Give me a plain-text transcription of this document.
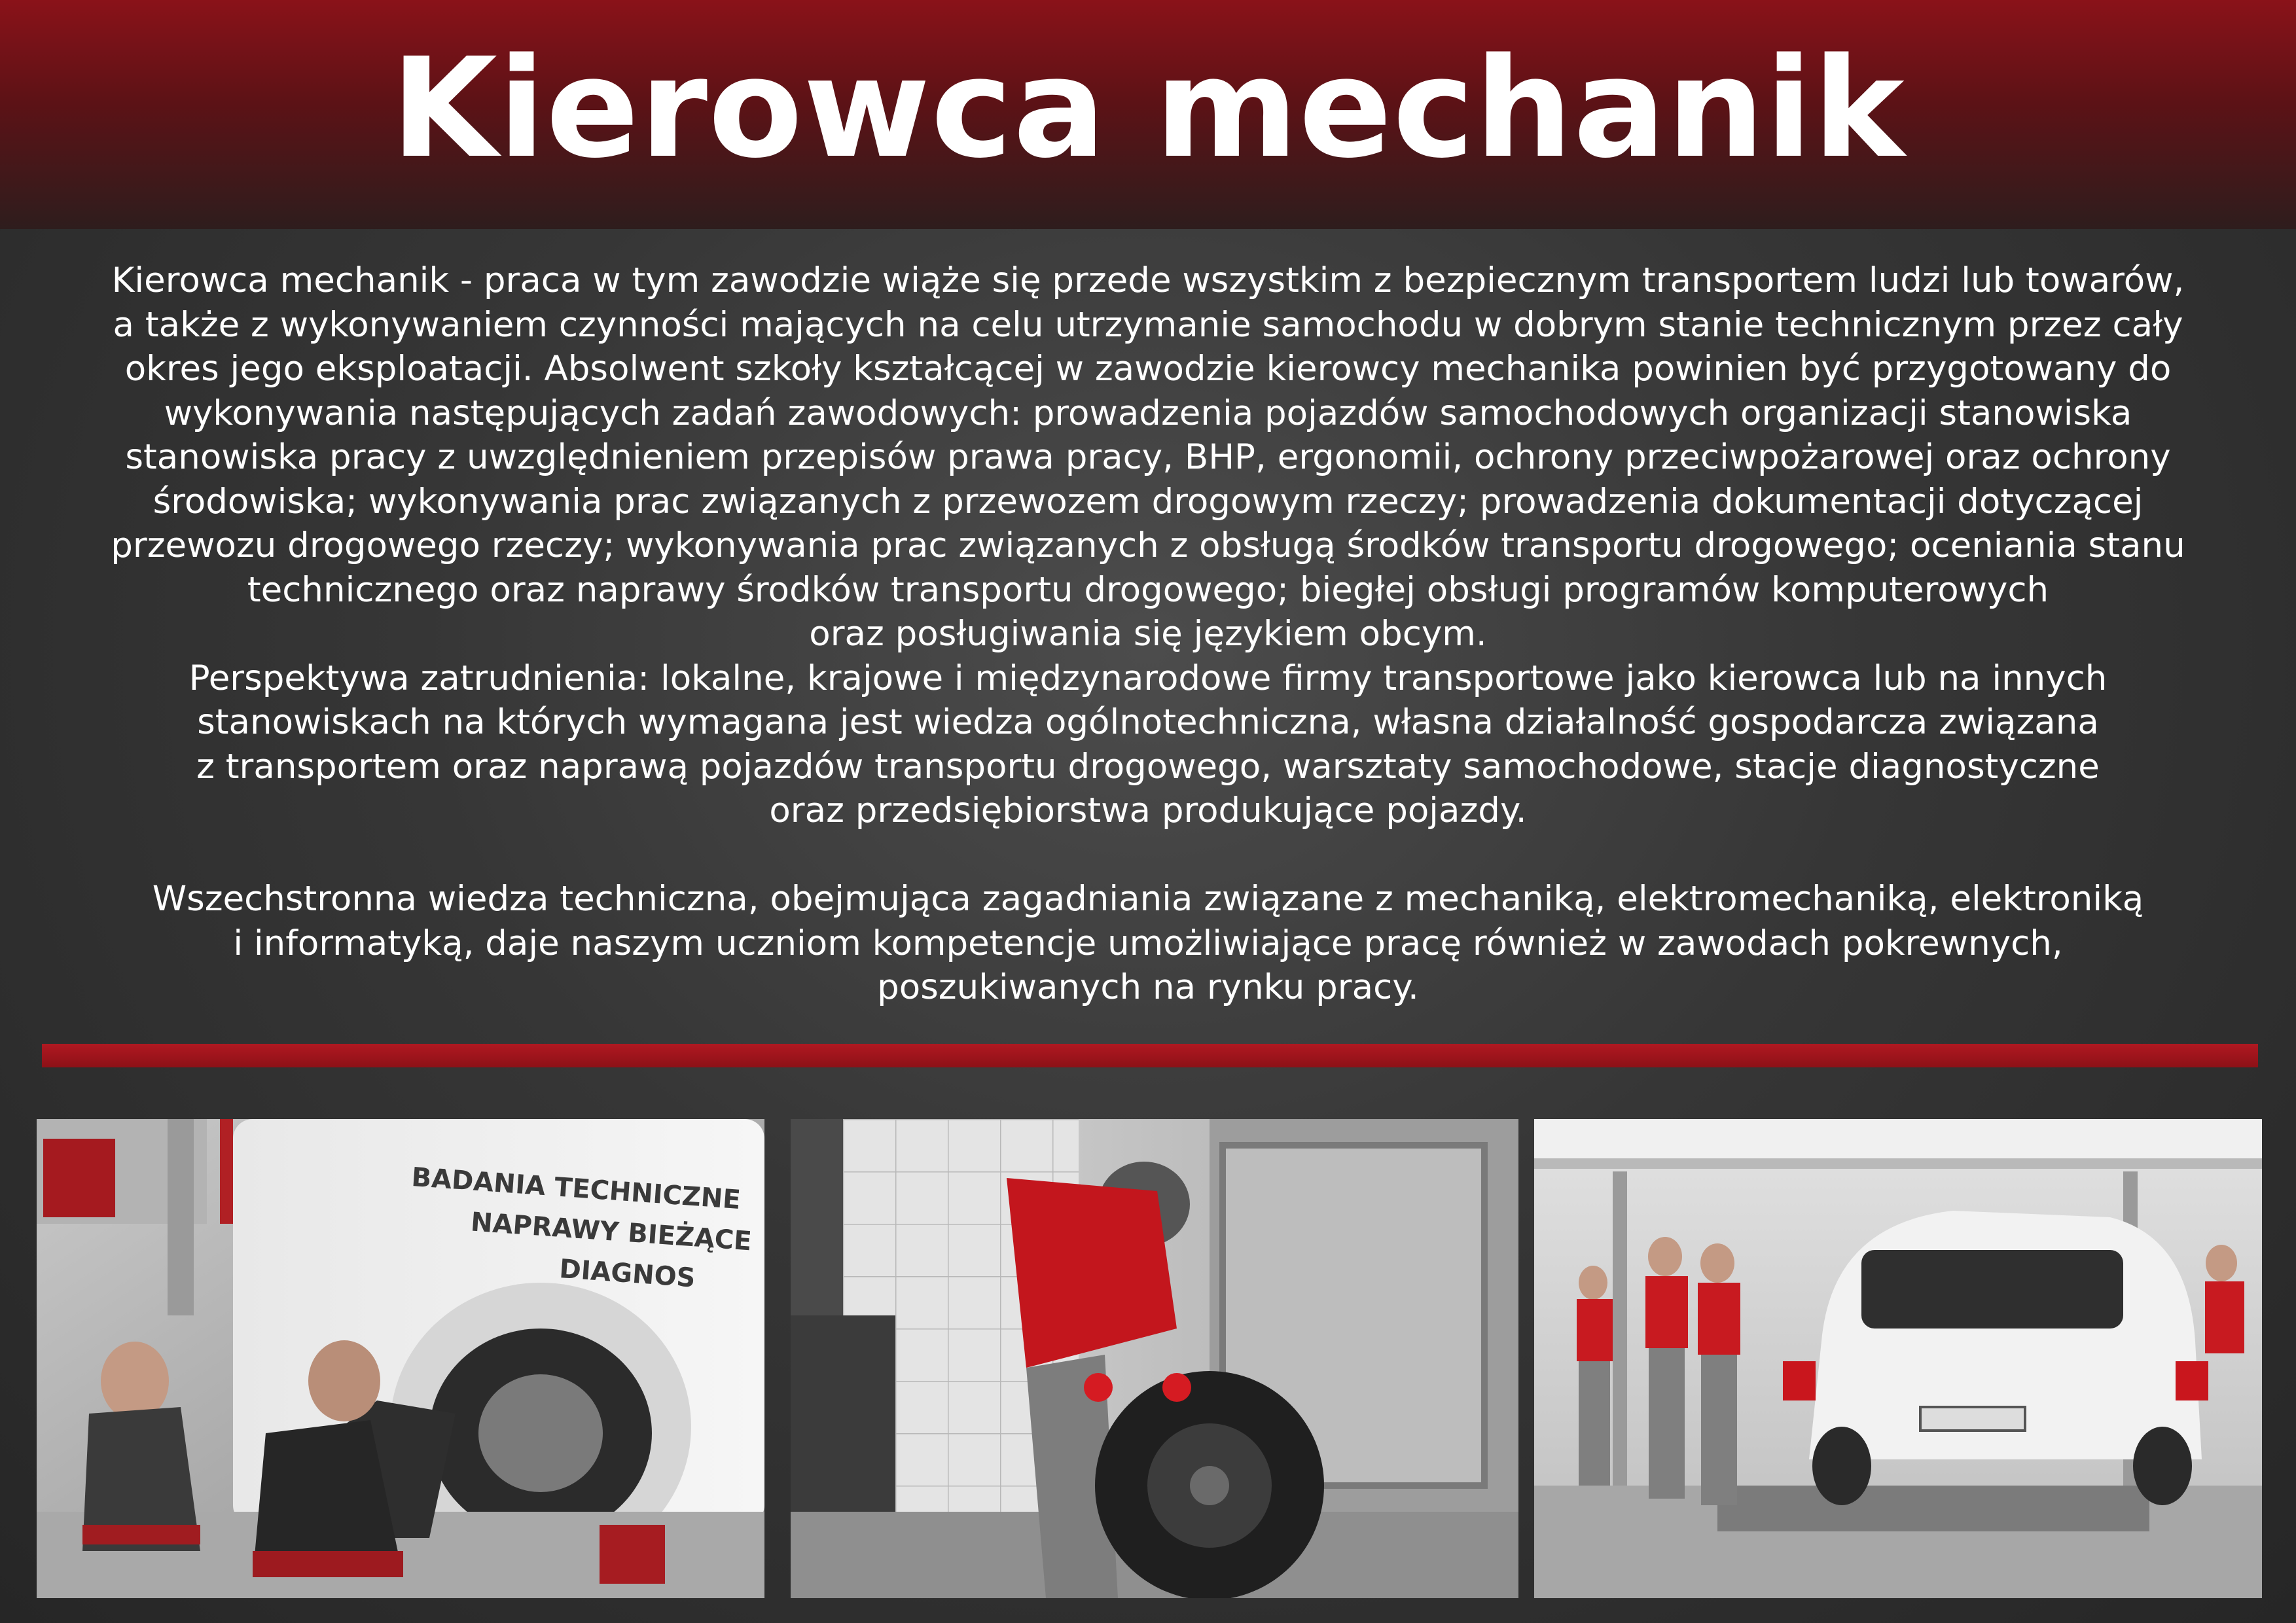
Kierowca mechanik
Kierowca mechanik - praca w tym zawodzie wiąże się przede wszystkim z bezpiecznym transportem ludzi lub towarów,
a także z wykonywaniem czynności mających na celu utrzymanie samochodu w dobrym stanie technicznym przez cały
okres jego eksploatacji. Absolwent szkoły kształcącej w zawodzie kierowcy mechanika powinien być przygotowany do
wykonywania następujących zadań zawodowych: prowadzenia pojazdów samochodowych organizacji stanowiska
stanowiska pracy z uwzględnieniem przepisów prawa pracy, BHP, ergonomii, ochrony przeciwpożarowej oraz ochrony
środowiska; wykonywania prac związanych z przewozem drogowym rzeczy; prowadzenia dokumentacji dotyczącej
przewozu drogowego rzeczy; wykonywania prac związanych z obsługą środków transportu drogowego; oceniania stanu
technicznego oraz naprawy środków transportu drogowego; biegłej obsługi programów komputerowych
oraz posługiwania się językiem obcym.
Perspektywa zatrudnienia: lokalne, krajowe i międzynarodowe firmy transportowe jako kierowca lub na innych
stanowiskach na których wymagana jest wiedza ogólnotechniczna, własna działalność gospodarcza związana
z transportem oraz naprawą pojazdów transportu drogowego, warsztaty samochodowe, stacje diagnostyczne
oraz przedsiębiorstwa produkujące pojazdy.
Wszechstronna wiedza techniczna, obejmująca zagadniania związane z mechaniką, elektromechaniką, elektroniką
i informatyką, daje naszym uczniom kompetencje umożliwiające pracę również w zawodach pokrewnych,
poszukiwanych na rynku pracy.
BADANIA TECHNICZNE
NAPRAWY BIEŻĄCE
DIAGNOS
